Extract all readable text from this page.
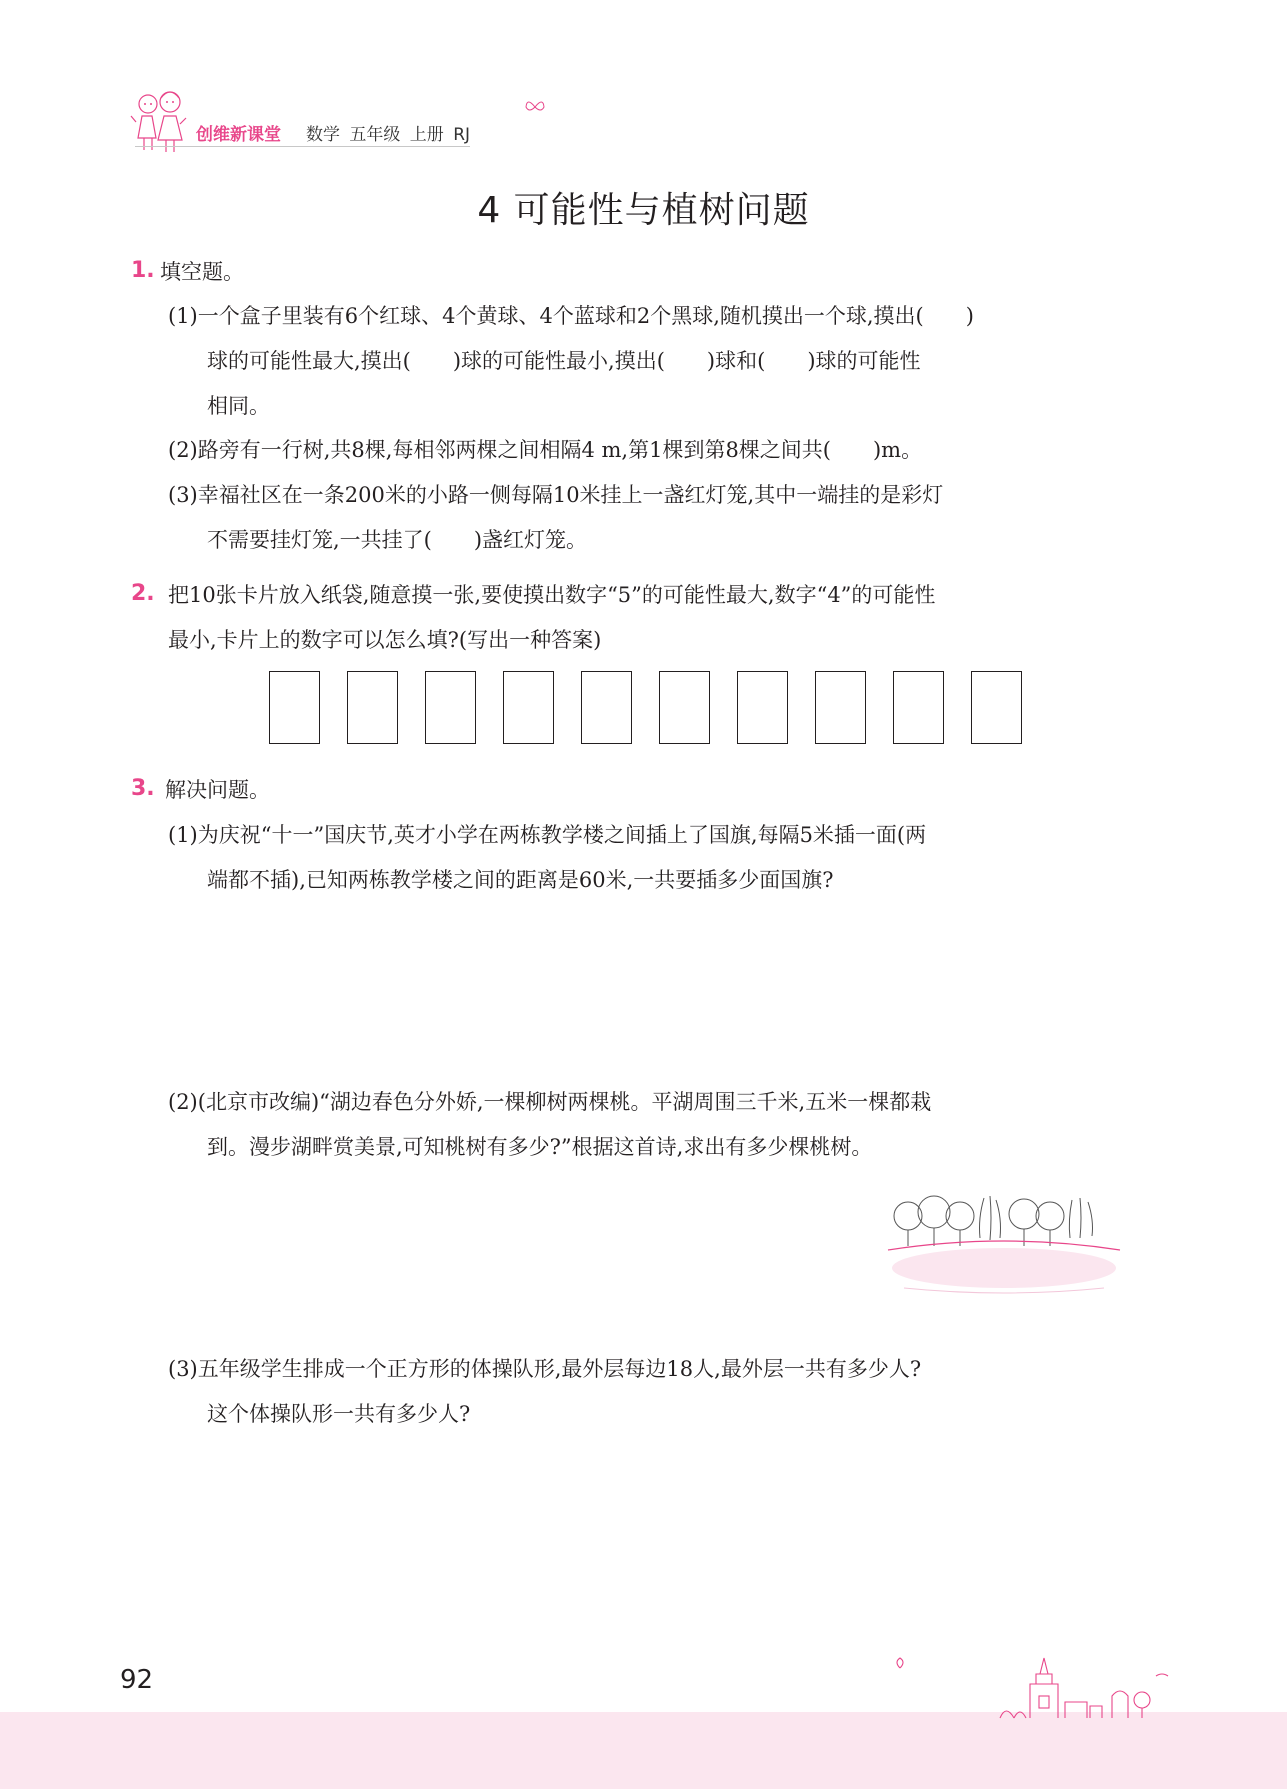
创维新课堂 数学 五年级 上册 RJ
4 可能性与植树问题
1. 填空题。
(1)一个盒子里装有6个红球、4个黄球、4个蓝球和2个黑球,随机摸出一个球,摸出(　　)
球的可能性最大,摸出(　　)球的可能性最小,摸出(　　)球和(　　)球的可能性
相同。
(2)路旁有一行树,共8棵,每相邻两棵之间相隔4 m,第1棵到第8棵之间共(　　)m。
(3)幸福社区在一条200米的小路一侧每隔10米挂上一盏红灯笼,其中一端挂的是彩灯
不需要挂灯笼,一共挂了(　　)盏红灯笼。
2. 把10张卡片放入纸袋,随意摸一张,要使摸出数字“5”的可能性最大,数字“4”的可能性
最小,卡片上的数字可以怎么填?(写出一种答案)
3. 解决问题。
(1)为庆祝“十一”国庆节,英才小学在两栋教学楼之间插上了国旗,每隔5米插一面(两
端都不插),已知两栋教学楼之间的距离是60米,一共要插多少面国旗?
(2)(北京市改编)“湖边春色分外娇,一棵柳树两棵桃。平湖周围三千米,五米一棵都栽
到。漫步湖畔赏美景,可知桃树有多少?”根据这首诗,求出有多少棵桃树。
(3)五年级学生排成一个正方形的体操队形,最外层每边18人,最外层一共有多少人?
这个体操队形一共有多少人?
92
